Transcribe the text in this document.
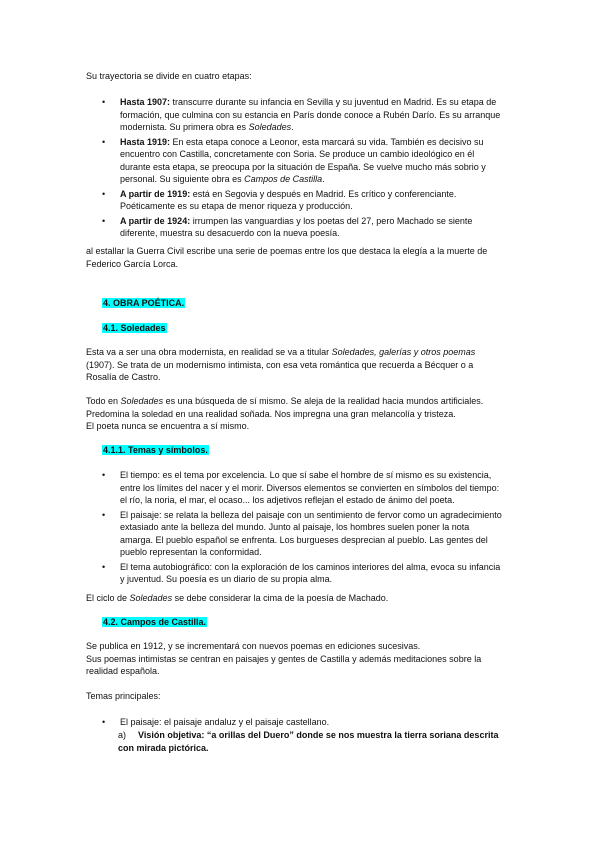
Su trayectoria se divide en cuatro etapas:
• Hasta 1907: transcurre durante su infancia en Sevilla y su juventud en Madrid. Es su etapa de formación, que culmina con su estancia en París donde conoce a Rubén Darío. Es su arranque modernista. Su primera obra es Soledades.
• Hasta 1919: En esta etapa conoce a Leonor, esta marcará su vida. También es decisivo su encuentro con Castilla, concretamente con Soria. Se produce un cambio ideológico en él durante esta etapa, se preocupa por la situación de España. Se vuelve mucho más sobrio y personal. Su siguiente obra es Campos de Castilla.
• A partir de 1919: está en Segovia y después en Madrid. Es crítico y conferenciante. Poéticamente es su etapa de menor riqueza y producción.
• A partir de 1924: irrumpen las vanguardias y los poetas del 27, pero Machado se siente diferente, muestra su desacuerdo con la nueva poesía.
al estallar la Guerra Civil escribe una serie de poemas entre los que destaca la elegía a la muerte de Federico García Lorca.
4. OBRA POÉTICA.
4.1. Soledades
Esta va a ser una obra modernista, en realidad se va a titular Soledades, galerías y otros poemas (1907). Se trata de un modernismo intimista, con esa veta romántica que recuerda a Bécquer o a Rosalía de Castro.
Todo en Soledades es una búsqueda de sí mismo. Se aleja de la realidad hacia mundos artificiales. Predomina la soledad en una realidad soñada. Nos impregna una gran melancolía y tristeza.
El poeta nunca se encuentra a sí mismo.
4.1.1. Temas y símbolos.
• El tiempo: es el tema por excelencia. Lo que sí sabe el hombre de sí mismo es su existencia, entre los límites del nacer y el morir. Diversos elementos se convierten en símbolos del tiempo: el río, la noria, el mar, el ocaso... los adjetivos reflejan el estado de ánimo del poeta.
• El paisaje: se relata la belleza del paisaje con un sentimiento de fervor como un agradecimiento extasiado ante la belleza del mundo. Junto al paisaje, los hombres suelen poner la nota amarga. El pueblo español se enfrenta. Los burgueses desprecian al pueblo. Las gentes del pueblo representan la conformidad.
• El tema autobiográfico: con la exploración de los caminos interiores del alma, evoca su infancia y juventud. Su poesía es un diario de su propia alma.
El ciclo de Soledades se debe considerar la cima de la poesía de Machado.
4.2. Campos de Castilla.
Se publica en 1912, y se incrementará con nuevos poemas en ediciones sucesivas.
Sus poemas intimistas se centran en paisajes y gentes de Castilla y además meditaciones sobre la realidad española.
Temas principales:
• El paisaje: el paisaje andaluz y el paisaje castellano.
a) Visión objetiva: “a orillas del Duero” donde se nos muestra la tierra soriana descrita con mirada pictórica.
